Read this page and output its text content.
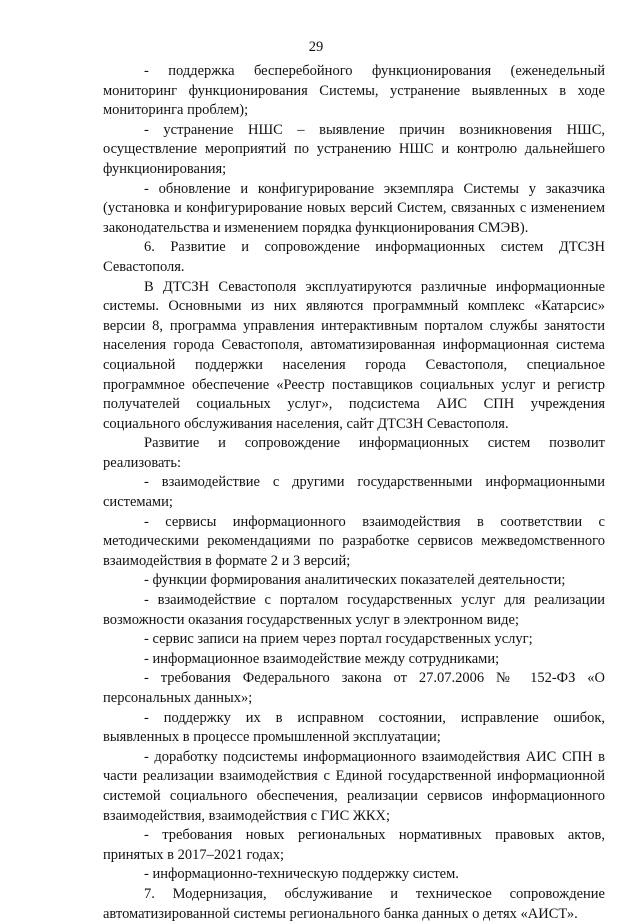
29

- поддержка бесперебойного функционирования (еженедельный мониторинг функционирования Системы, устранение выявленных в ходе мониторинга проблем);

- устранение НШС – выявление причин возникновения НШС, осуществление мероприятий по устранению НШС и контролю дальнейшего функционирования;

- обновление и конфигурирование экземпляра Системы у заказчика (установка и конфигурирование новых версий Систем, связанных с изменением законодательства и изменением порядка функционирования СМЭВ).

6. Развитие и сопровождение информационных систем ДТСЗН Севастополя.

В ДТСЗН Севастополя эксплуатируются различные информационные системы. Основными из них являются программный комплекс «Катарсис» версии 8, программа управления интерактивным порталом службы занятости населения города Севастополя, автоматизированная информационная система социальной поддержки населения города Севастополя, специальное программное обеспечение «Реестр поставщиков социальных услуг и регистр получателей социальных услуг», подсистема АИС СПН учреждения социального обслуживания населения, сайт ДТСЗН Севастополя.

Развитие и сопровождение информационных систем позволит реализовать:

- взаимодействие с другими государственными информационными системами;

- сервисы информационного взаимодействия в соответствии с методическими рекомендациями по разработке сервисов межведомственного взаимодействия в формате 2 и 3 версий;

- функции формирования аналитических показателей деятельности;

- взаимодействие с порталом государственных услуг для реализации возможности оказания государственных услуг в электронном виде;

- сервис записи на прием через портал государственных услуг;

- информационное взаимодействие между сотрудниками;

- требования Федерального закона от 27.07.2006 № 152-ФЗ «О персональных данных»;

- поддержку их в исправном состоянии, исправление ошибок, выявленных в процессе промышленной эксплуатации;

- доработку подсистемы информационного взаимодействия АИС СПН в части реализации взаимодействия с Единой государственной информационной системой социального обеспечения, реализации сервисов информационного взаимодействия, взаимодействия с ГИС ЖКХ;

- требования новых региональных нормативных правовых актов, принятых в 2017–2021 годах;

- информационно-техническую поддержку систем.

7. Модернизация, обслуживание и техническое сопровождение автоматизированной системы регионального банка данных о детях «АИСТ».
